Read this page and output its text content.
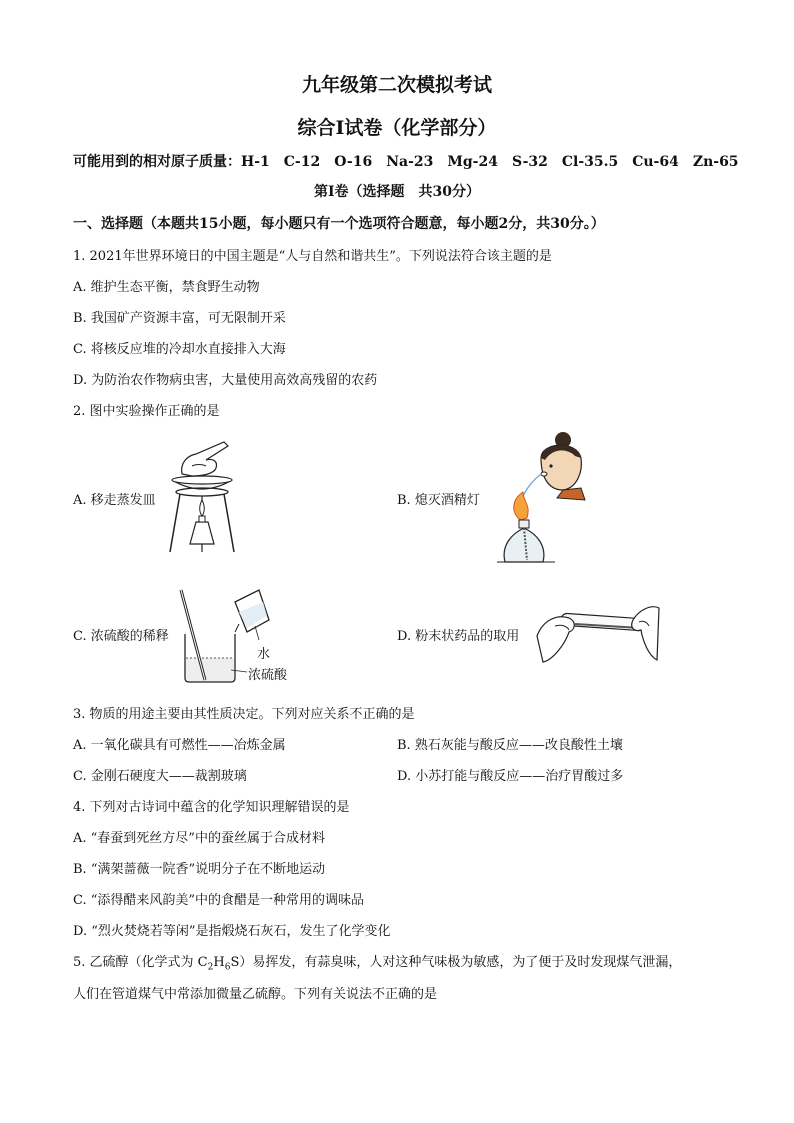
九年级第二次模拟考试
综合I试卷（化学部分）
可能用到的相对原子质量：H-1　C-12　O-16　Na-23　Mg-24　S-32　Cl-35.5　Cu-64　Zn-65
第I卷（选择题　共30分）
一、选择题（本题共15小题，每小题只有一个选项符合题意，每小题2分，共30分。）
1. 2021年世界环境日的中国主题是“人与自然和谐共生”。下列说法符合该主题的是
A. 维护生态平衡，禁食野生动物
B. 我国矿产资源丰富，可无限制开采
C. 将核反应堆的冷却水直接排入大海
D. 为防治农作物病虫害，大量使用高效高残留的农药
2. 图中实验操作正确的是
A. 移走蒸发皿	B. 熄灭酒精灯
C. 浓硫酸的稀释
水
浓硫酸
D. 粉末状药品的取用
3. 物质的用途主要由其性质决定。下列对应关系不正确的是
A. 一氧化碳具有可燃性——冶炼金属	B. 熟石灰能与酸反应——改良酸性土壤
C. 金刚石硬度大——裁割玻璃	D. 小苏打能与酸反应——治疗胃酸过多
4. 下列对古诗词中蕴含的化学知识理解错误的是
A. “春蚕到死丝方尽”中的蚕丝属于合成材料
B. “满架蔷薇一院香”说明分子在不断地运动
C. “添得醋来风韵美”中的食醋是一种常用的调味品
D. “烈火焚烧若等闲”是指煅烧石灰石，发生了化学变化
5. 乙硫醇（化学式为 $C_2H_6S$）易挥发，有蒜臭味，人对这种气味极为敏感，为了便于及时发现煤气泄漏，
人们在管道煤气中常添加微量乙硫醇。下列有关说法不正确的是
